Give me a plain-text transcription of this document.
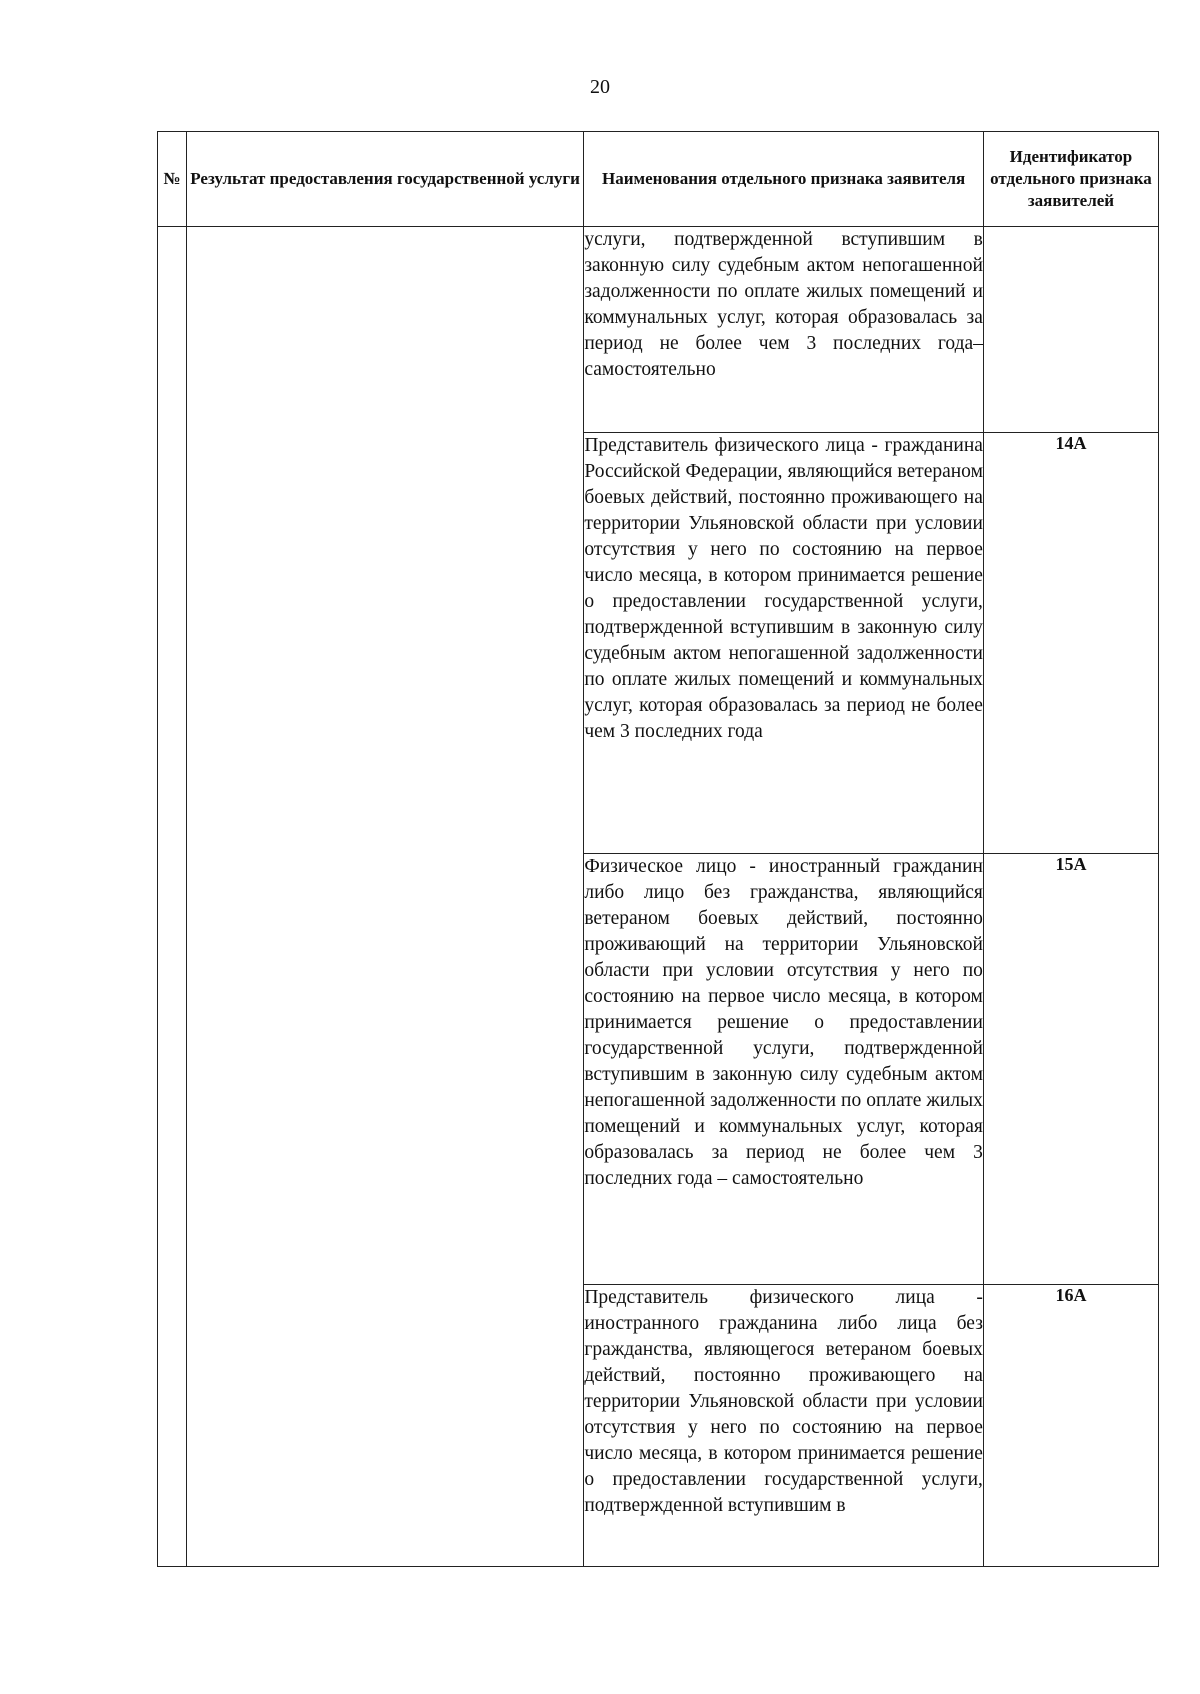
20
№	Результат предоставления государственной услуги	Наименования отдельного признака заявителя	Идентификатор отдельного признака заявителей

		услуги, подтвержденной вступившим в законную силу судебным актом непогашенной задолженности по оплате жилых помещений и коммунальных услуг, которая образовалась за период не более чем 3 последних года– самостоятельно	

		Представитель физического лица - гражданина Российской Федерации, являющийся ветераном боевых действий, постоянно проживающего на территории Ульяновской области при условии отсутствия у него по состоянию на первое число месяца, в котором принимается решение о предоставлении государственной услуги, подтвержденной вступившим в законную силу судебным актом непогашенной задолженности по оплате жилых помещений и коммунальных услуг, которая образовалась за период не более чем 3 последних года	14А

		Физическое лицо - иностранный гражданин либо лицо без гражданства, являющийся ветераном боевых действий, постоянно проживающий на территории Ульяновской области при условии отсутствия у него по состоянию на первое число месяца, в котором принимается решение о предоставлении государственной услуги, подтвержденной вступившим в законную силу судебным актом непогашенной задолженности по оплате жилых помещений и коммунальных услуг, которая образовалась за период не более чем 3 последних года – самостоятельно	15А

		Представитель физического лица - иностранного гражданина либо лица без гражданства, являющегося ветераном боевых действий, постоянно проживающего на территории Ульяновской области при условии отсутствия у него по состоянию на первое число месяца, в котором принимается решение о предоставлении государственной услуги, подтвержденной вступившим в	16А
